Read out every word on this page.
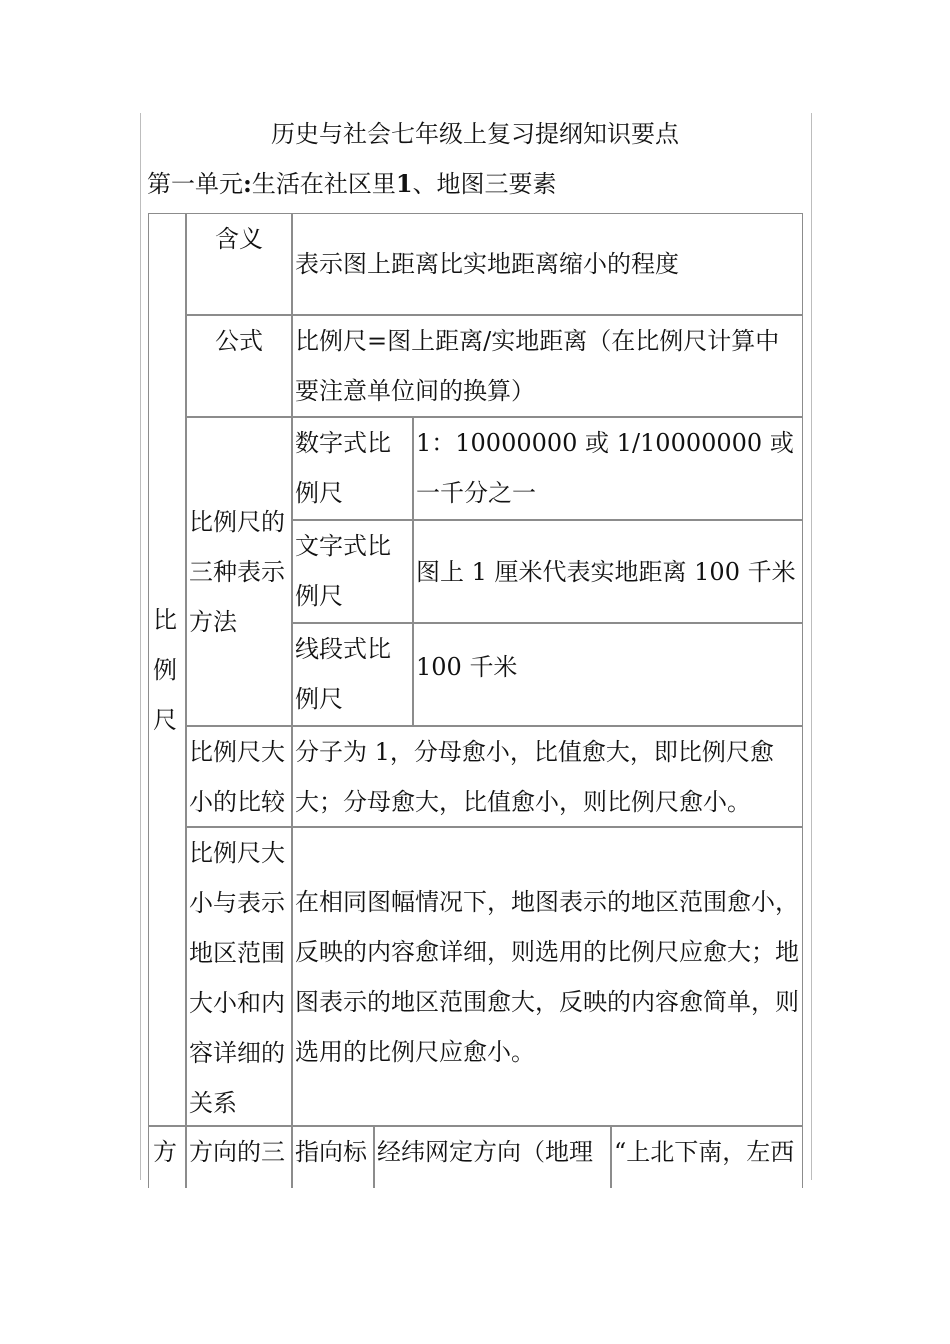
历史与社会七年级上复习提纲知识要点
第一单元:生活在社区里1、地图三要素
比例尺
含义
表示图上距离比实地距离缩小的程度
公式	比例尺=图上距离/实地距离（在比例尺计算中要注意单位间的换算）
比例尺的三种表示方法
数字式比例尺
1：10000000 或 1/10000000 或一千分之一
文字式比例尺
图上 1 厘米代表实地距离 100 千米
线段式比例尺
100 千米
比例尺大小的比较
分子为 1，分母愈小，比值愈大，即比例尺愈大；分母愈大，比值愈小，则比例尺愈小。
比例尺大小与表示地区范围大小和内容详细的关系
在相同图幅情况下，地图表示的地区范围愈小，反映的内容愈详细，则选用的比例尺应愈大；地图表示的地区范围愈大，反映的内容愈简单，则选用的比例尺应愈小。
方 方向的三 指向标 经纬网定方向（地理 “上北下南，左西
